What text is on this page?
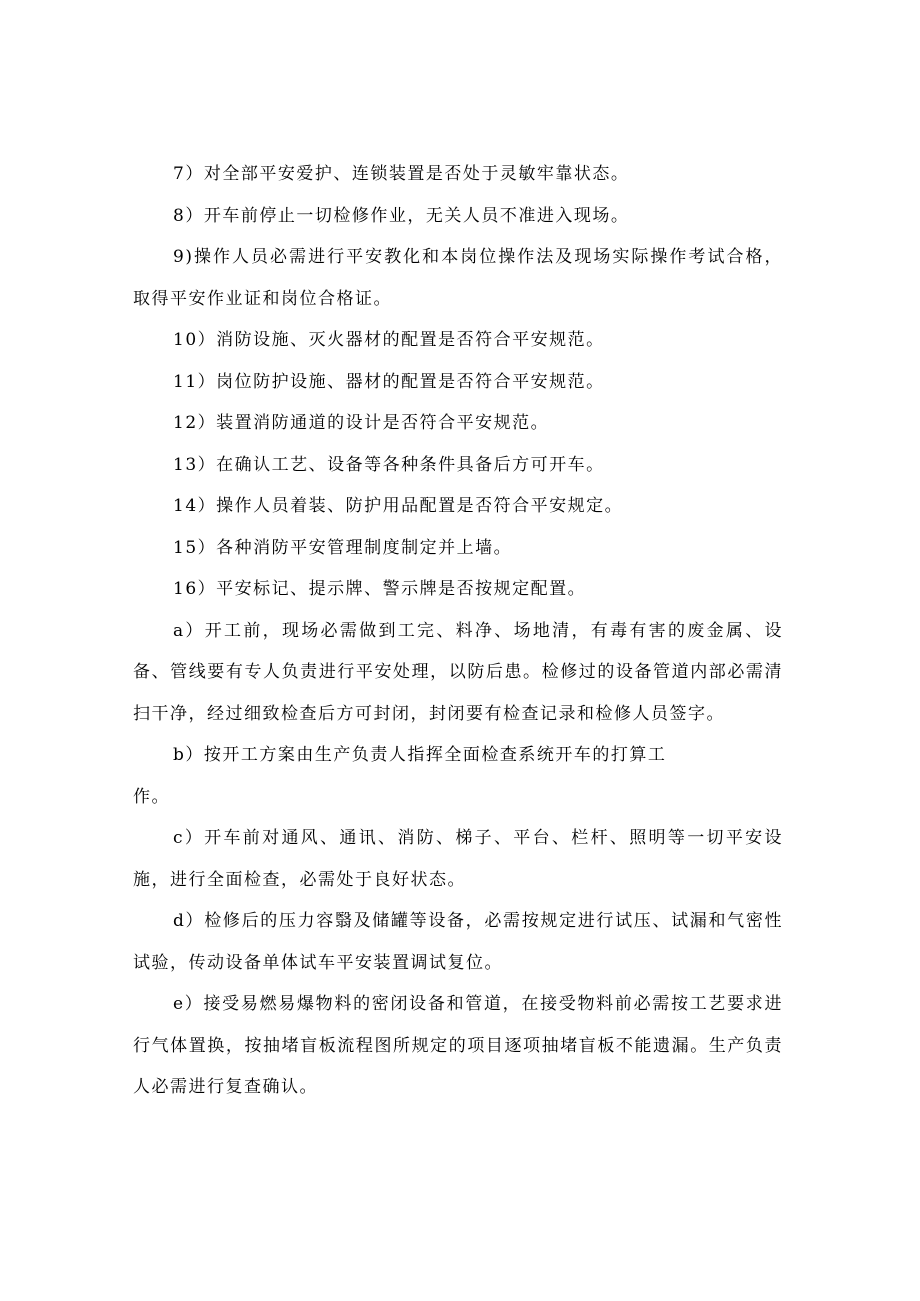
7）对全部平安爱护、连锁装置是否处于灵敏牢靠状态。

8）开车前停止一切检修作业，无关人员不准进入现场。

9)操作人员必需进行平安教化和本岗位操作法及现场实际操作考试合格，取得平安作业证和岗位合格证。

10）消防设施、灭火器材的配置是否符合平安规范。

11）岗位防护设施、器材的配置是否符合平安规范。

12）装置消防通道的设计是否符合平安规范。

13）在确认工艺、设备等各种条件具备后方可开车。

14）操作人员着装、防护用品配置是否符合平安规定。

15）各种消防平安管理制度制定并上墙。

16）平安标记、提示牌、警示牌是否按规定配置。

a）开工前，现场必需做到工完、料净、场地清，有毒有害的废金属、设备、管线要有专人负责进行平安处理，以防后患。检修过的设备管道内部必需清扫干净，经过细致检查后方可封闭，封闭要有检查记录和检修人员签字。

b）按开工方案由生产负责人指挥全面检查系统开车的打算工

作。

c）开车前对通风、通讯、消防、梯子、平台、栏杆、照明等一切平安设施，进行全面检查，必需处于良好状态。

d）检修后的压力容翳及储罐等设备，必需按规定进行试压、试漏和气密性试验，传动设备单体试车平安装置调试复位。

e）接受易燃易爆物料的密闭设备和管道，在接受物料前必需按工艺要求进行气体置换，按抽堵盲板流程图所规定的项目逐项抽堵盲板不能遗漏。生产负责人必需进行复查确认。
